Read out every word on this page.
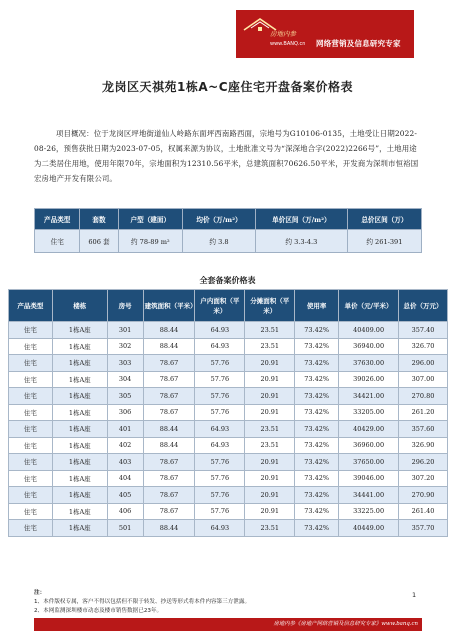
房地内参
www.BANQ.cn 网络营销及信息研究专家
龙岗区天祺苑1栋A~C座住宅开盘备案价格表
项目概况：位于龙岗区坪地街道仙人岭路东面坪西南路西面，宗地号为G10106-0135，土地受让日期2022-08-26，预售获批日期为2023-07-05，权属来源为协议，土地批准文号为“深深地合字(2022)2266号”，土地用途为二类居住用地，使用年限70年，宗地面积为12310.56平米，总建筑面积70626.50平米，开发商为深圳市恒裕国宏房地产开发有限公司。
产品类型	套数	户型（建面）	均价（万/m²）	单价区间（万/m²）	总价区间（万）
住宅	606 套	约 78-89 m²	约 3.8	约 3.3-4.3	约 261-391
全套备案价格表
产品类型	楼栋	房号	建筑面积（平米）	户内面积（平米）	分摊面积（平米）	使用率	单价（元/平米）	总价（万元）
住宅	1栋A座	301	88.44	64.93	23.51	73.42%	40409.00	357.40
住宅	1栋A座	302	88.44	64.93	23.51	73.42%	36940.00	326.70
住宅	1栋A座	303	78.67	57.76	20.91	73.42%	37630.00	296.00
住宅	1栋A座	304	78.67	57.76	20.91	73.42%	39026.00	307.00
住宅	1栋A座	305	78.67	57.76	20.91	73.42%	34421.00	270.80
住宅	1栋A座	306	78.67	57.76	20.91	73.42%	33205.00	261.20
住宅	1栋A座	401	88.44	64.93	23.51	73.42%	40429.00	357.60
住宅	1栋A座	402	88.44	64.93	23.51	73.42%	36960.00	326.90
住宅	1栋A座	403	78.67	57.76	20.91	73.42%	37650.00	296.20
住宅	1栋A座	404	78.67	57.76	20.91	73.42%	39046.00	307.20
住宅	1栋A座	405	78.67	57.76	20.91	73.42%	34441.00	270.90
住宅	1栋A座	406	78.67	57.76	20.91	73.42%	33225.00	261.40
住宅	1栋A座	501	88.44	64.93	23.51	73.42%	40449.00	357.70
注：
1、本件版权专属，客户不得以包括但不限于转发、抄送等形式将本件内容第三方泄露。
2、本网监测深圳楼市动态及楼市销售数据已23年。
1
房地内参《房地产网络营销及信息研究专家》www.banq.cn
